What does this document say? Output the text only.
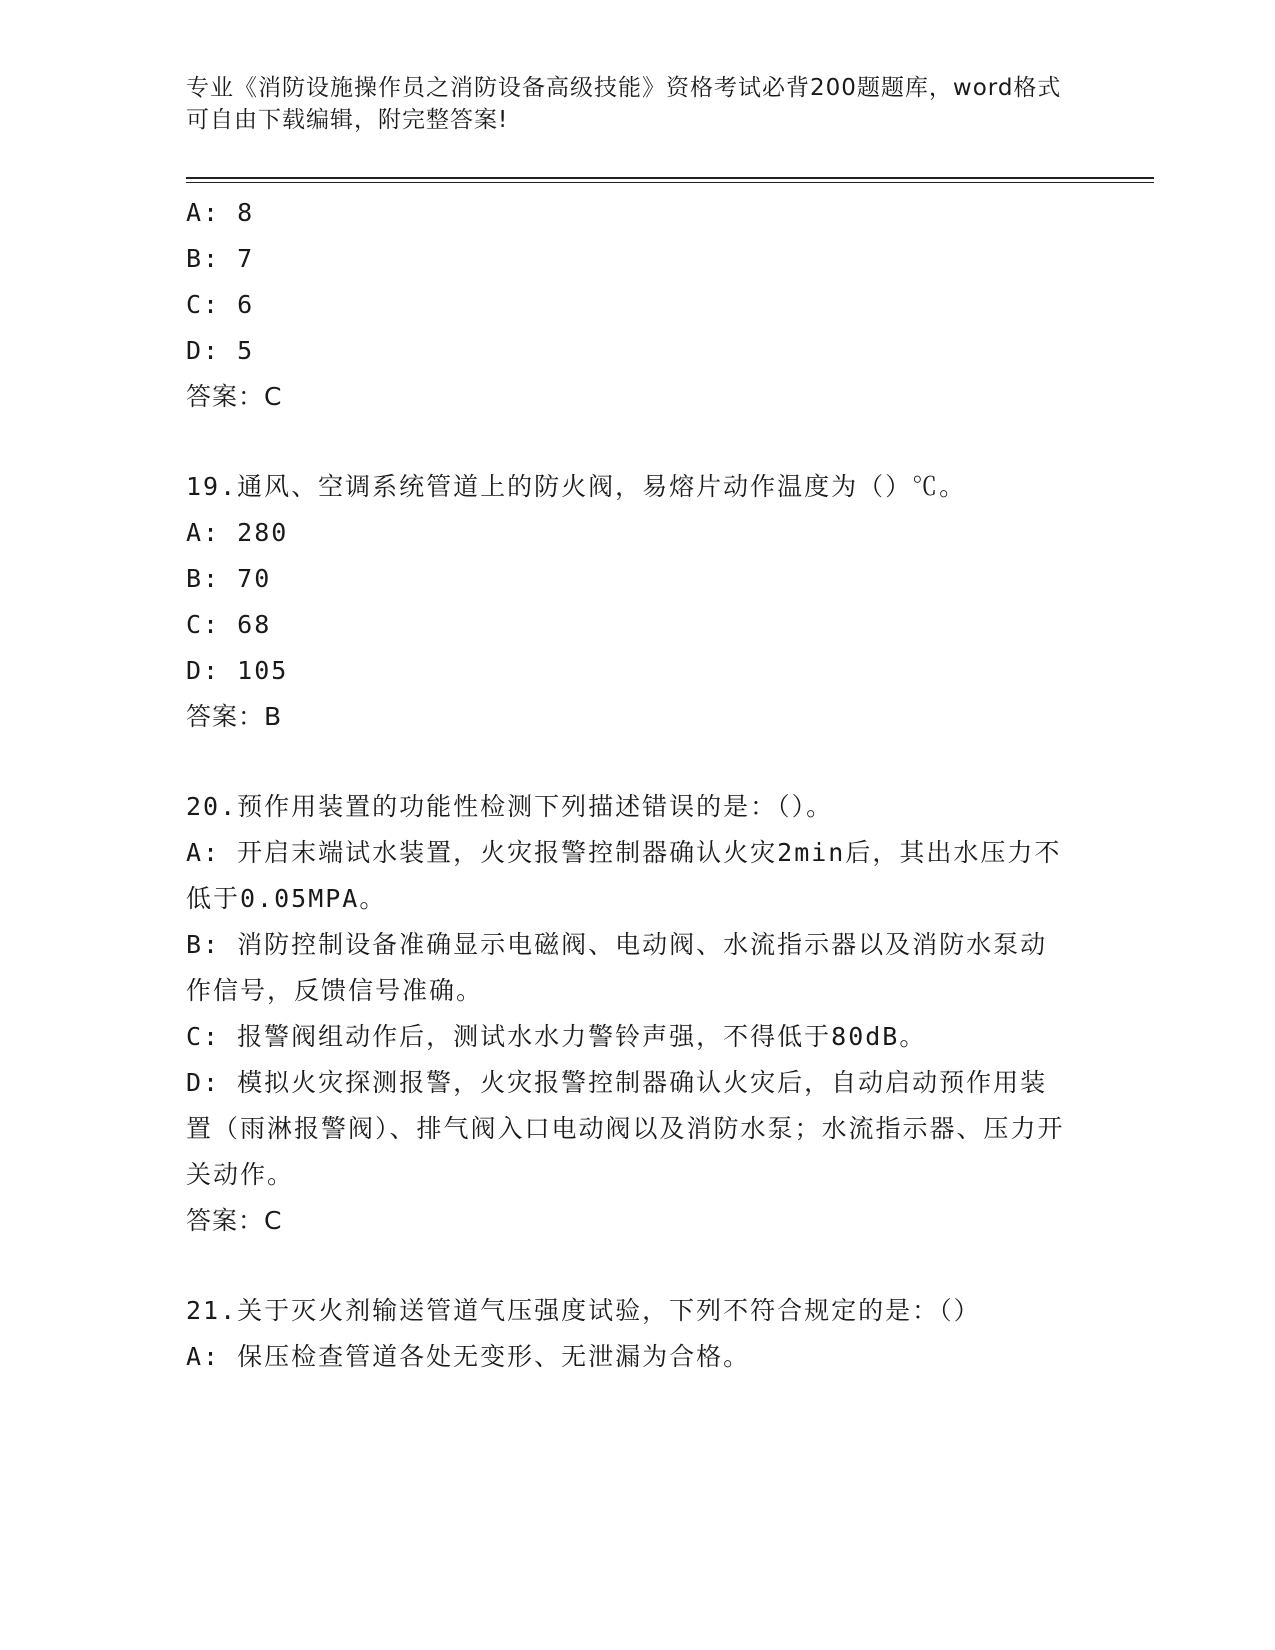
专业《消防设施操作员之消防设备高级技能》资格考试必背200题题库，word格式可自由下载编辑，附完整答案!
A: 8
B: 7
C: 6
D: 5
答案：C
19.通风、空调系统管道上的防火阀，易熔片动作温度为（）℃。
A: 280
B: 70
C: 68
D: 105
答案：B
20.预作用装置的功能性检测下列描述错误的是：（）。
A: 开启末端试水装置，火灾报警控制器确认火灾2min后，其出水压力不低于0.05MPA。
B: 消防控制设备准确显示电磁阀、电动阀、水流指示器以及消防水泵动作信号，反馈信号准确。
C: 报警阀组动作后，测试水水力警铃声强，不得低于80dB。
D: 模拟火灾探测报警，火灾报警控制器确认火灾后，自动启动预作用装置（雨淋报警阀）、排气阀入口电动阀以及消防水泵；水流指示器、压力开关动作。
答案：C
21.关于灭火剂输送管道气压强度试验，下列不符合规定的是：（）
A: 保压检查管道各处无变形、无泄漏为合格。
